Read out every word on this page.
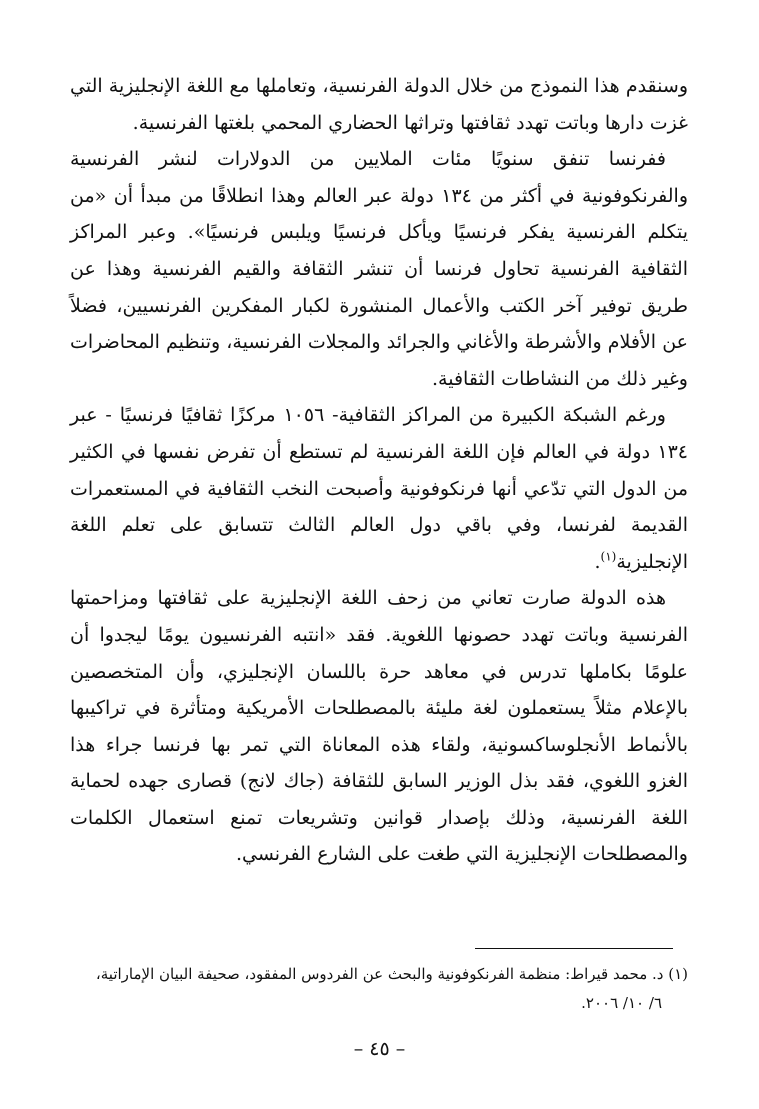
وسنقدم هذا النموذج من خلال الدولة الفرنسية، وتعاملها مع اللغة الإنجليزية التي غزت دارها وباتت تهدد ثقافتها وتراثها الحضاري المحمي بلغتها الفرنسية.

ففرنسا تنفق سنويًا مئات الملايين من الدولارات لنشر الفرنسية والفرنكوفونية في أكثر من ١٣٤ دولة عبر العالم وهذا انطلاقًا من مبدأ أن «من يتكلم الفرنسية يفكر فرنسيًا ويأكل فرنسيًا ويلبس فرنسيًا». وعبر المراكز الثقافية الفرنسية تحاول فرنسا أن تنشر الثقافة والقيم الفرنسية وهذا عن طريق توفير آخر الكتب والأعمال المنشورة لكبار المفكرين الفرنسيين، فضلاً عن الأفلام والأشرطة والأغاني والجرائد والمجلات الفرنسية، وتنظيم المحاضرات وغير ذلك من النشاطات الثقافية.

ورغم الشبكة الكبيرة من المراكز الثقافية- ١٠٥٦ مركزًا ثقافيًا فرنسيًا - عبر ١٣٤ دولة في العالم فإن اللغة الفرنسية لم تستطع أن تفرض نفسها في الكثير من الدول التي تدّعي أنها فرنكوفونية وأصبحت النخب الثقافية في المستعمرات القديمة لفرنسا، وفي باقي دول العالم الثالث تتسابق على تعلم اللغة الإنجليزية$^{(١)}$.

هذه الدولة صارت تعاني من زحف اللغة الإنجليزية على ثقافتها ومزاحمتها الفرنسية وباتت تهدد حصونها اللغوية. فقد «انتبه الفرنسيون يومًا لیجدوا أن علومًا بكاملها تدرس في معاهد حرة باللسان الإنجليزي، وأن المتخصصين بالإعلام مثلاً يستعملون لغة مليئة بالمصطلحات الأمريكية ومتأثرة في تراكيبها بالأنماط الأنجلوساكسونية، ولقاء هذه المعاناة التي تمر بها فرنسا جراء هذا الغزو اللغوي، فقد بذل الوزير السابق للثقافة (جاك لانج) قصارى جهده لحماية اللغة الفرنسية، وذلك بإصدار قوانين وتشريعات تمنع استعمال الكلمات والمصطلحات الإنجليزية التي طغت على الشارع الفرنسي.

(١) د. محمد قيراط: منظمة الفرنكوفونية والبحث عن الفردوس المفقود، صحيفة البيان الإماراتية،
٦/ ١٠/ ٢٠٠٦.
– ٤٥ –
